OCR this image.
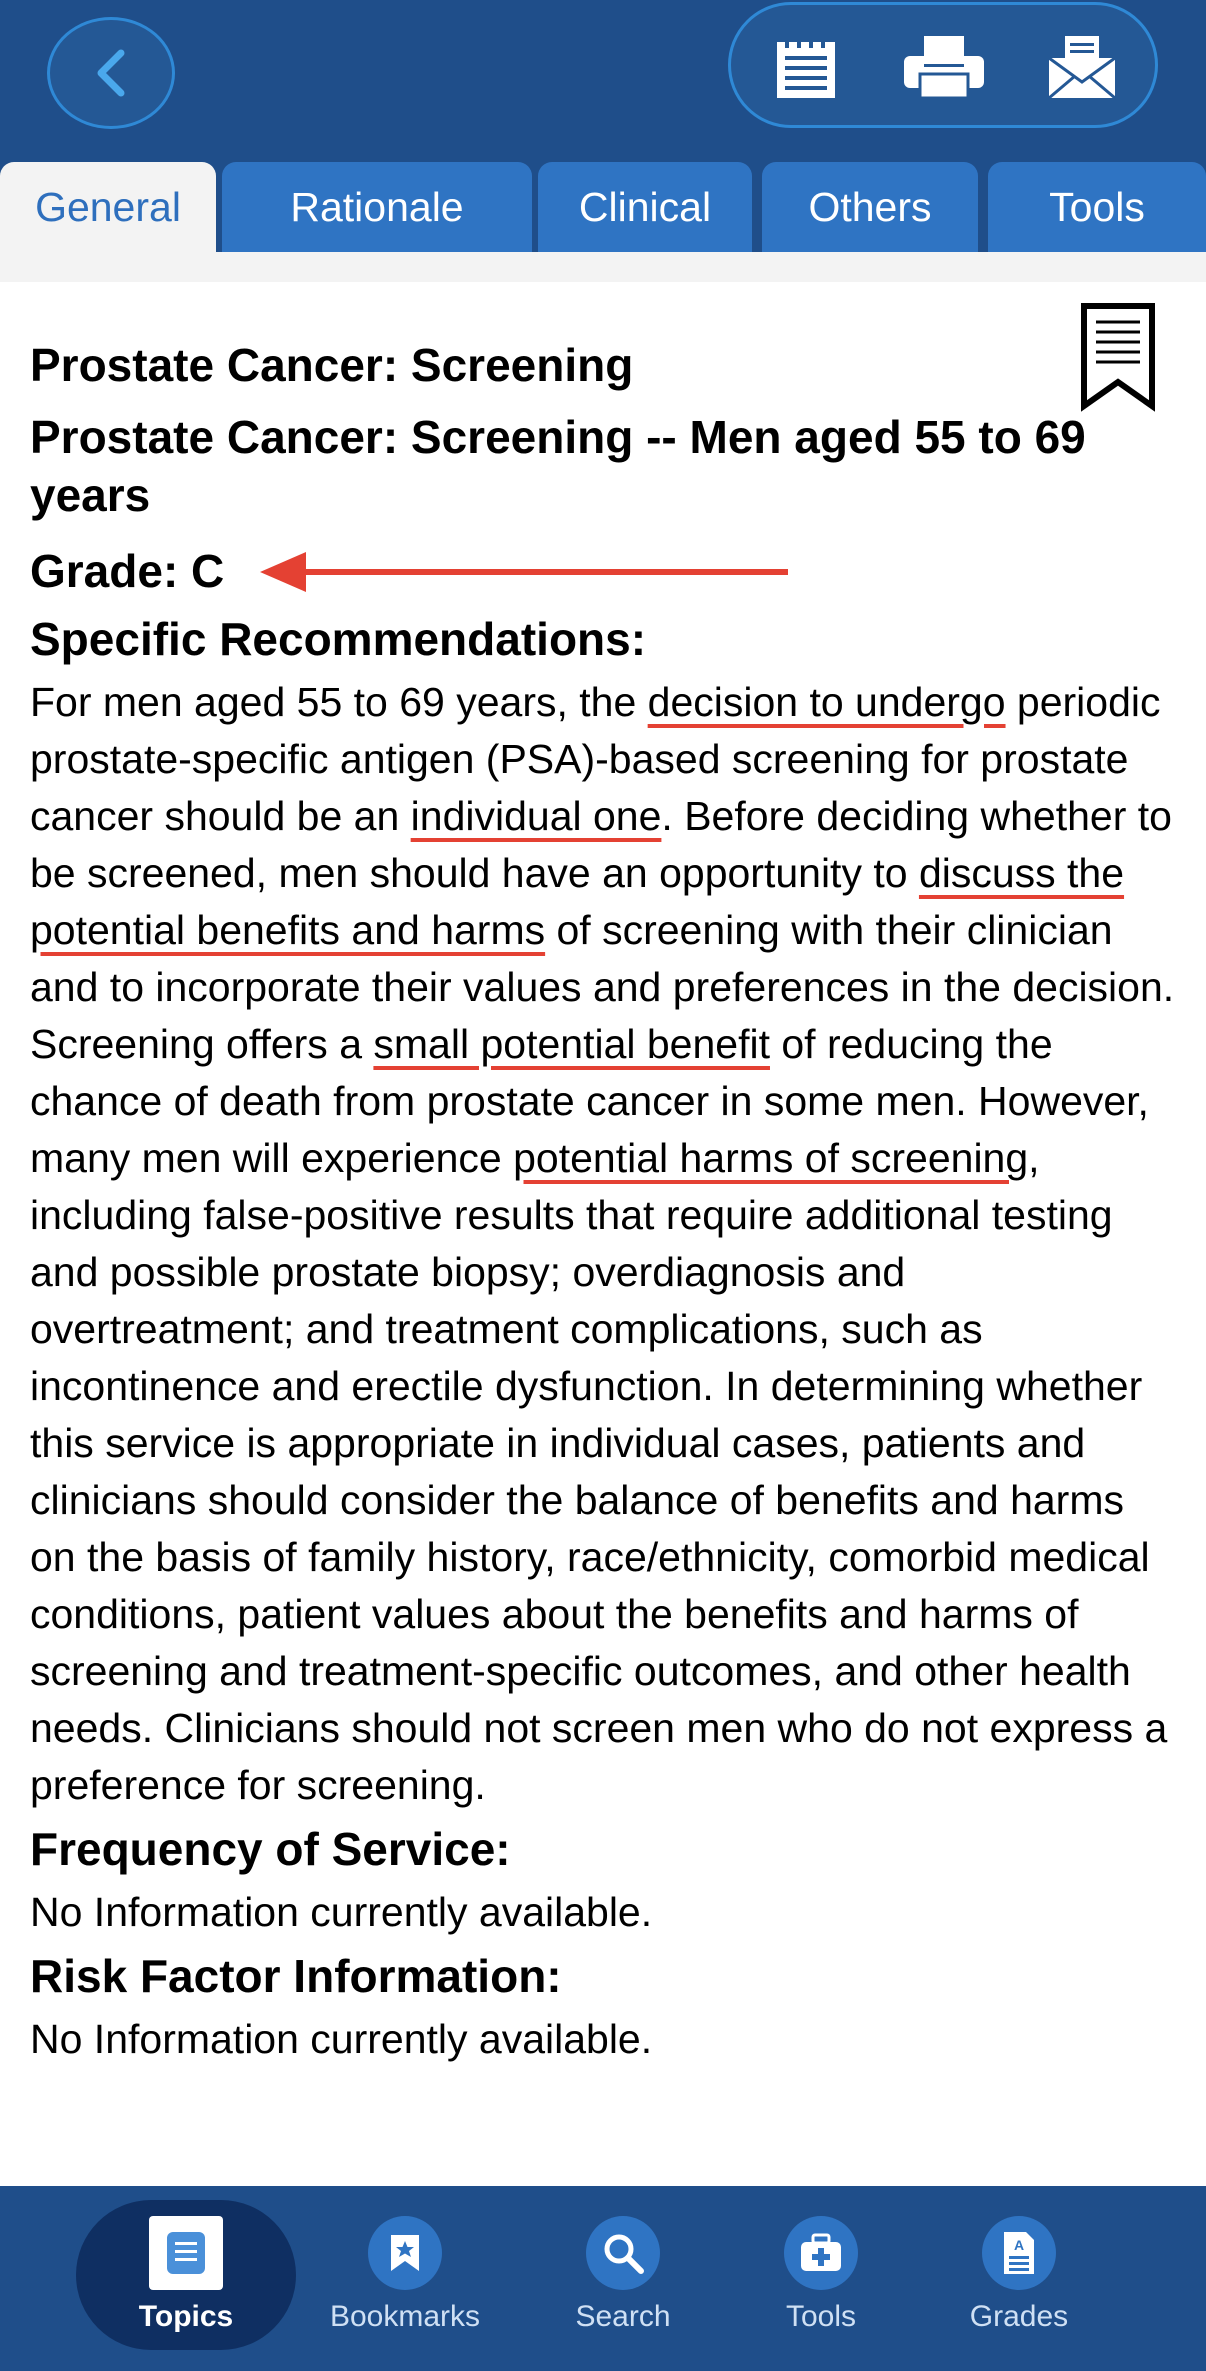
General	Rationale	Clinical	Others	Tools

Prostate Cancer: Screening

Prostate Cancer: Screening -- Men aged 55 to 69 years

Grade: C

Specific Recommendations:

For men aged 55 to 69 years, the decision to undergo periodic prostate-specific antigen (PSA)-based screening for prostate cancer should be an individual one. Before deciding whether to be screened, men should have an opportunity to discuss the potential benefits and harms of screening with their clinician and to incorporate their values and preferences in the decision. Screening offers a small potential benefit of reducing the chance of death from prostate cancer in some men. However, many men will experience potential harms of screening, including false-positive results that require additional testing and possible prostate biopsy; overdiagnosis and overtreatment; and treatment complications, such as incontinence and erectile dysfunction. In determining whether this service is appropriate in individual cases, patients and clinicians should consider the balance of benefits and harms on the basis of family history, race/ethnicity, comorbid medical conditions, patient values about the benefits and harms of screening and treatment-specific outcomes, and other health needs. Clinicians should not screen men who do not express a preference for screening.

Frequency of Service:

No Information currently available.

Risk Factor Information:

No Information currently available.

Topics	Bookmarks	Search	Tools
A
Grades
